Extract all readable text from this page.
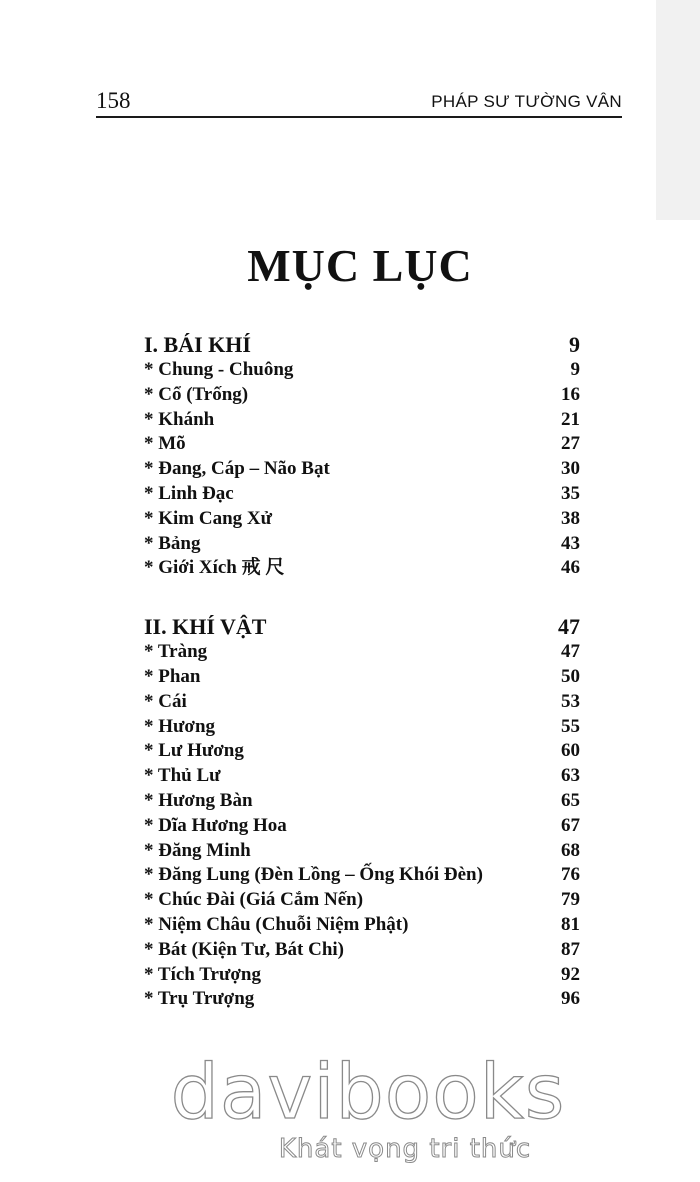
158	PHÁP SƯ TƯỜNG VÂN
MỤC LỤC
I. BÁI KHÍ	9
* Chung - Chuông	9
* Cổ (Trống)	16
* Khánh	21
* Mõ	27
* Đang, Cáp – Não Bạt	30
* Linh Đạc	35
* Kim Cang Xử	38
* Bảng	43
* Giới Xích 戒 尺	46
II. KHÍ VẬT	47
* Tràng	47
* Phan	50
* Cái	53
* Hương	55
* Lư Hương	60
* Thủ Lư	63
* Hương Bàn	65
* Dĩa Hương Hoa	67
* Đăng Minh	68
* Đăng Lung (Đèn Lồng – Ống Khói Đèn)	76
* Chúc Đài (Giá Cắm Nến)	79
* Niệm Châu (Chuỗi Niệm Phật)	81
* Bát (Kiện Tư, Bát Chi)	87
* Tích Trượng	92
* Trụ Trượng	96
davibooks
Khát vọng tri thức
